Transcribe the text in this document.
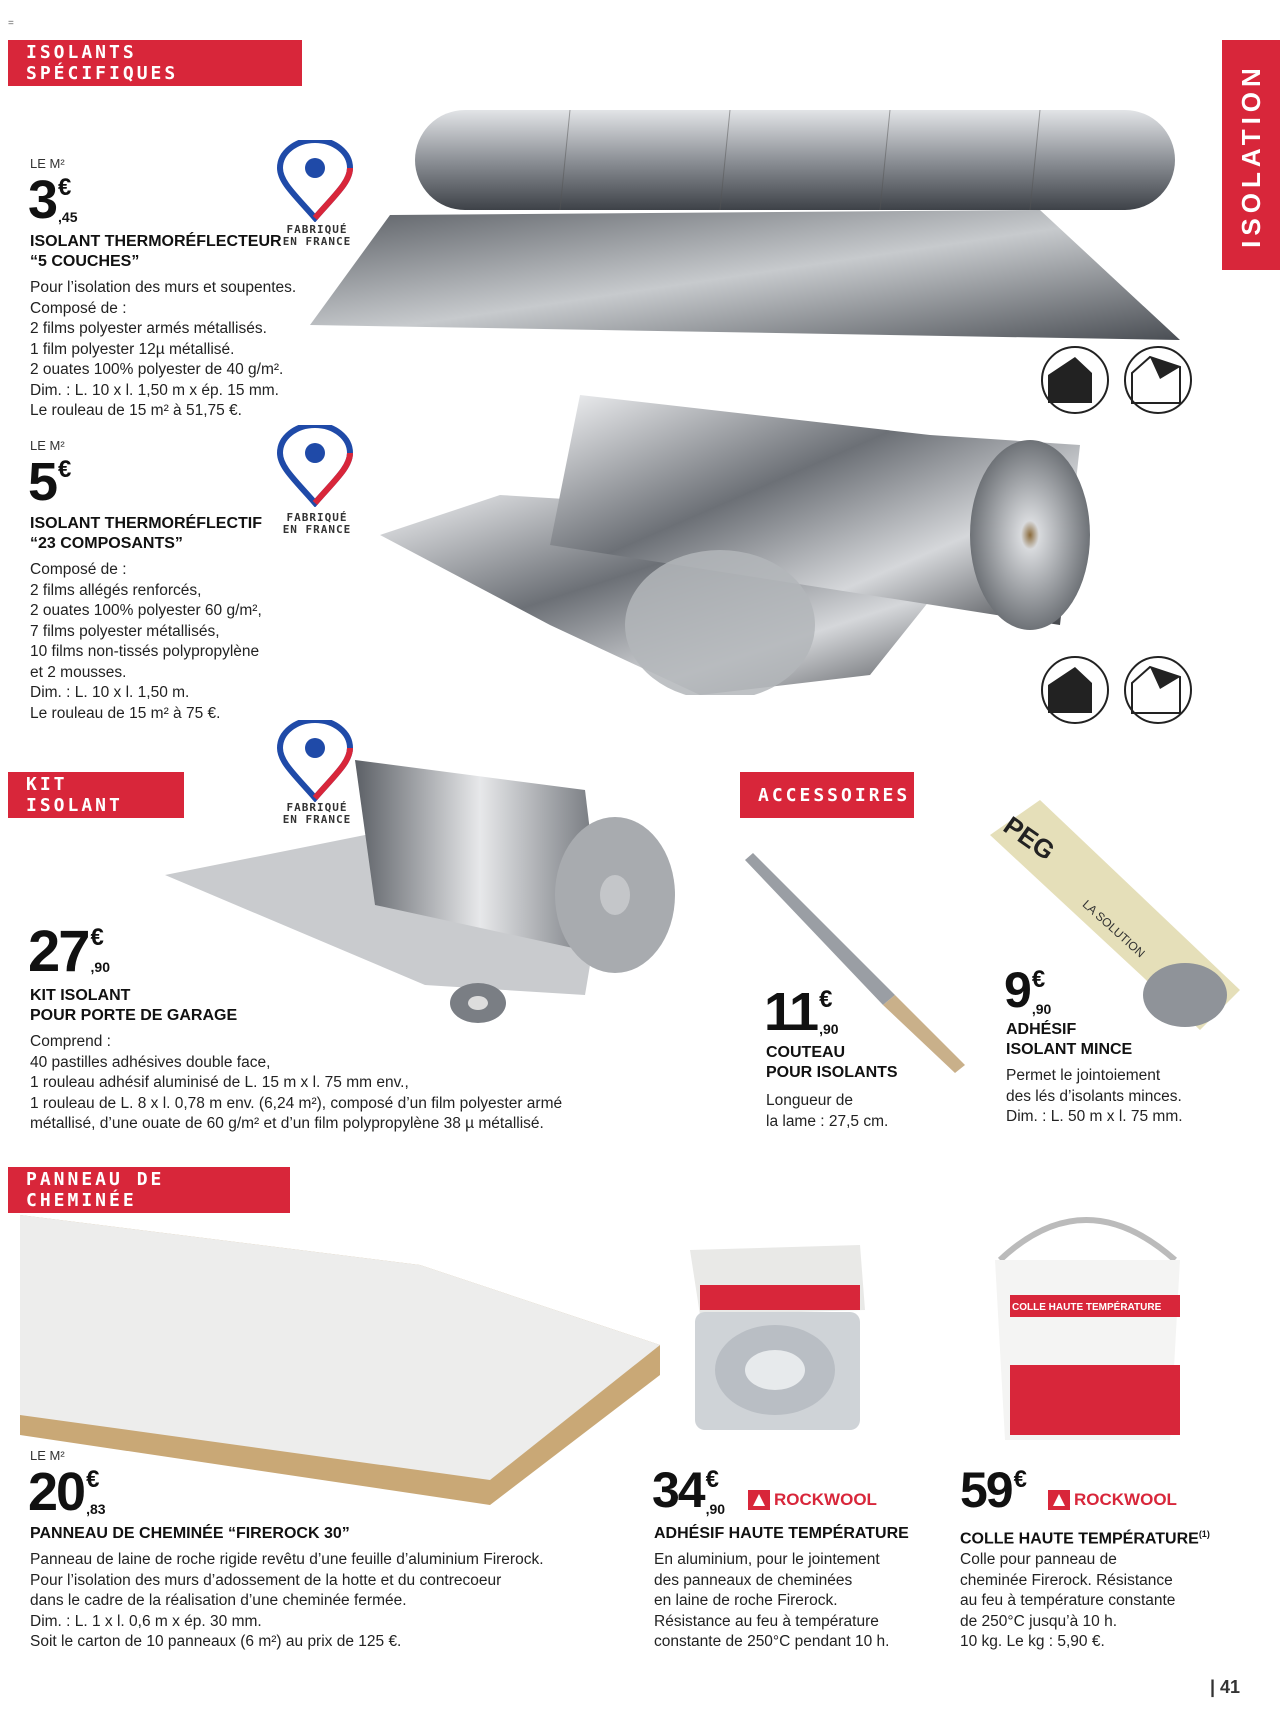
=
ISOLATION
ISOLANTS SPÉCIFIQUES
KIT ISOLANT	ACCESSOIRES
PANNEAU DE CHEMINÉE
PEG
LA SOLUTION
COLLE HAUTE TEMPÉRATURE
FABRIQUÉ
EN FRANCE
FABRIQUÉ
EN FRANCE
FABRIQUÉ
EN FRANCE
LE M²
3 €
,45
ISOLANT THERMORÉFLECTEUR
“5 COUCHES”
Pour l’isolation des murs et soupentes.
Composé de :
2 films polyester armés métallisés.
1 film polyester 12µ métallisé.
2 ouates 100% polyester de 40 g/m².
Dim. : L. 10 x l. 1,50 m x ép. 15 mm.
Le rouleau de 15 m² à 51,75 €.
LE M²
5 €
ISOLANT THERMORÉFLECTIF
“23 COMPOSANTS”
Composé de :
2 films allégés renforcés,
2 ouates 100% polyester 60 g/m²,
7 films polyester métallisés,
10 films non-tissés polypropylène
et 2 mousses.
Dim. : L. 10 x l. 1,50 m.
Le rouleau de 15 m² à 75 €.
27 €
,90
KIT ISOLANT
POUR PORTE DE GARAGE
Comprend :
40 pastilles adhésives double face,
1 rouleau adhésif aluminisé de L. 15 m x l. 75 mm env.,
1 rouleau de L. 8 x l. 0,78 m env. (6,24 m²), composé d’un film polyester armé
métallisé, d’une ouate de 60 g/m² et d’un film polypropylène 38 µ métallisé.
11 €
,90
COUTEAU
POUR ISOLANTS
Longueur de
la lame : 27,5 cm.
9 €
,90
ADHÉSIF
ISOLANT MINCE
Permet le jointoiement
des lés d’isolants minces.
Dim. : L. 50 m x l. 75 mm.
LE M²
20 €
,83
PANNEAU DE CHEMINÉE “FIREROCK 30”
Panneau de laine de roche rigide revêtu d’une feuille d’aluminium Firerock.
Pour l’isolation des murs d’adossement de la hotte et du contrecoeur
dans le cadre de la réalisation d’une cheminée fermée.
Dim. : L. 1 x l. 0,6 m x ép. 30 mm.
Soit le carton de 10 panneaux (6 m²) au prix de 125 €.
34 €
,90	ROCKWOOL
ADHÉSIF HAUTE TEMPÉRATURE
En aluminium, pour le jointement
des panneaux de cheminées
en laine de roche Firerock.
Résistance au feu à température
constante de 250°C pendant 10 h.
59 €
ROCKWOOL
COLLE HAUTE TEMPÉRATURE$^{(1)}$
Colle pour panneau de
cheminée Firerock. Résistance
au feu à température constante
de 250°C jusqu’à 10 h.
10 kg. Le kg : 5,90 €.
| 41
